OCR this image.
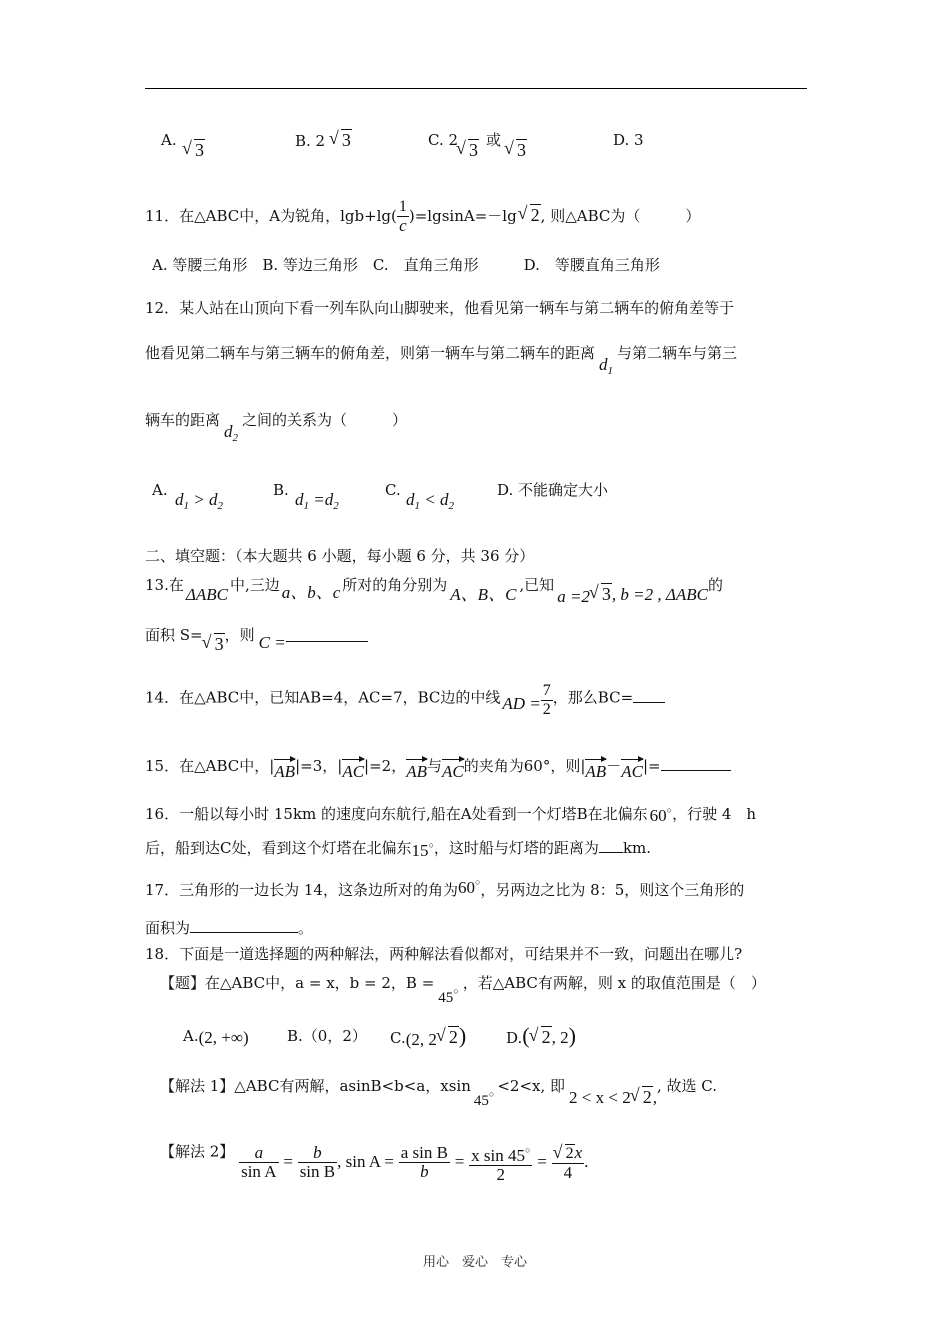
A.
√	3	B. 2 √ 3	C. 2
√ 3 或
√ 3	D. 3
11．在△ABC中，A为锐角，$\lg b+\lg( \frac{1}{c} )=lgsinA=-\lg√$ 2, 则△ABC为（　　　）
A. 等腰三角形　B. 等边三角形　C.　直角三角形　　　D.　等腰直角三角形
12．某人站在山顶向下看一列车队向山脚驶来，他看见第一辆车与第二辆车的俯角差等于
他看见第二辆车与第三辆车的俯角差，则第一辆车与第二辆车的距离$d_1$与第二辆车与第三
辆车的距离$d_2$之间的关系为（　　　）
A. $d_1 > d_2$
B. $d_1 =d_2$
C. $d_1 < d_2$
D. 不能确定大小
二、填空题：（本大题共 6 小题，每小题 6 分，共 36 分）
13.在 ΔABC 中,三边 a、b、c 所对的角分别为 A、B、C ,已知a =2√ 3, b =2 , ΔABC的
面积 S=√ 3，则 C =
14．在△ABC中，已知AB=4，AC=7，BC边的中线 AD = $\frac{7}{2}$ ，那么BC=
15．在△ABC中，|AB|=3，|AC|=2，AB与AC的夹角为60°，则|AB－AC|=
16．一船以每小时 15km 的速度向东航行,船在A处看到一个灯塔B在北偏东 60○，行驶 4　h
后，船到达C处，看到这个灯塔在北偏东15○，这时船与灯塔的距离为 km.
17．三角形的一边长为 14，这条边所对的角为60○，另两边之比为 8：5，则这个三角形的
面积为	。
18．下面是一道选择题的两种解法，两种解法看似都对，可结果并不一致，问题出在哪儿?
【题】在△ABC中，a = x，b = 2，B =45○ ，若△ABC有两解，则 x 的取值范围是（　）
A.(2, +∞)	B.（0，2） C.(2, 2√ 2)	D.(√ 2, 2)
【解法 1】△ABC有两解，asinB<b<a，xsin45○ <2<x, 即2 < x < 2√ 2,, 故选 C.
【解法 2】 $\frac{a}{\text{sin A}} = \frac{b}{\text{sin B}}$ , $\sin A = \frac{\text{a sin B}}{b} = \frac{x \sin 45^○}{2}$ =
√ $\frac{2x}{4}$ .
用心　爱心　专心
